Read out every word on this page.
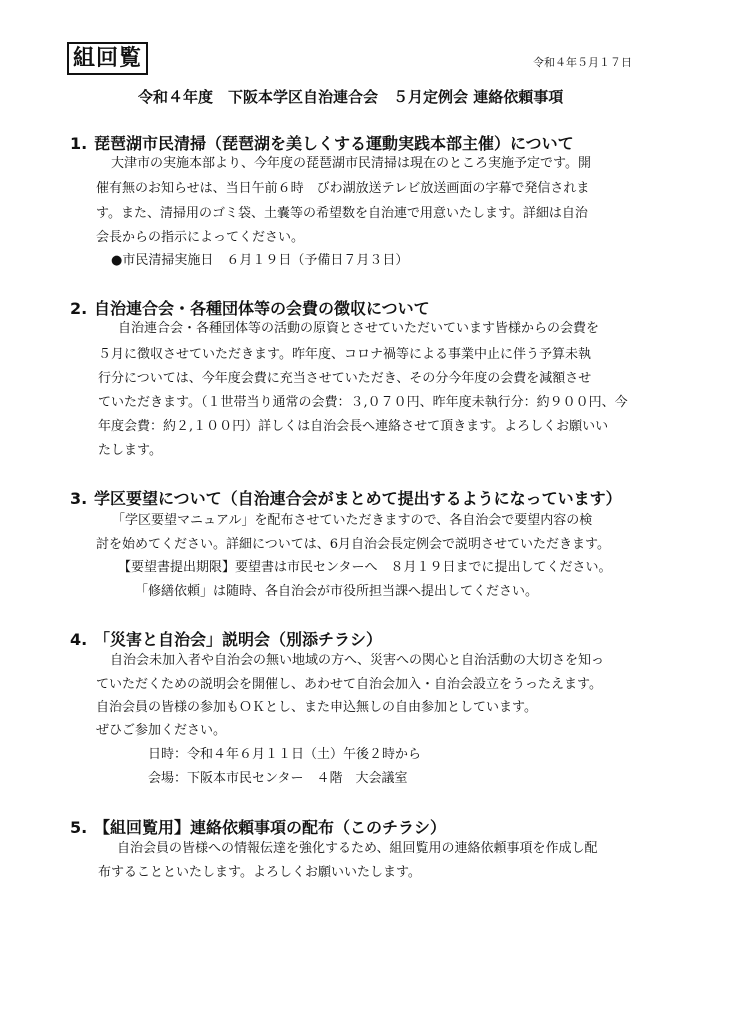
組回覧	令和４年５月１７日
令和４年度　下阪本学区自治連合会　５月定例会 連絡依頼事項
1. 琵琶湖市民清掃（琵琶湖を美しくする運動実践本部主催）について
大津市の実施本部より、今年度の琵琶湖市民清掃は現在のところ実施予定です。開
催有無のお知らせは、当日午前６時　びわ湖放送テレビ放送画面の字幕で発信されま
す。また、清掃用のゴミ袋、土嚢等の希望数を自治連で用意いたします。詳細は自治
会長からの指示によってください。
●市民清掃実施日　６月１９日（予備日７月３日）
2. 自治連合会・各種団体等の会費の徴収について
自治連合会・各種団体等の活動の原資とさせていただいています皆様からの会費を
５月に徴収させていただきます。昨年度、コロナ禍等による事業中止に伴う予算未執
行分については、今年度会費に充当させていただき、その分今年度の会費を減額させ
ていただきます。（１世帯当り通常の会費：３,０７０円、昨年度未執行分：約９００円、今
年度会費：約２,１００円）詳しくは自治会長へ連絡させて頂きます。よろしくお願いい
たします。
3. 学区要望について（自治連合会がまとめて提出するようになっています）
「学区要望マニュアル」を配布させていただきますので、各自治会で要望内容の検
討を始めてください。詳細については、6月自治会長定例会で説明させていただきます。
【要望書提出期限】要望書は市民センターへ　８月１９日までに提出してください。
「修繕依頼」は随時、各自治会が市役所担当課へ提出してください。
4. 「災害と自治会」説明会（別添チラシ）
自治会未加入者や自治会の無い地域の方へ、災害への関心と自治活動の大切さを知っ
ていただくための説明会を開催し、あわせて自治会加入・自治会設立をうったえます。
自治会員の皆様の参加もＯＫとし、また申込無しの自由参加としています。
ぜひご参加ください。
日時：令和４年６月１１日（土）午後２時から
会場：下阪本市民センター　４階　大会議室
5. 【組回覧用】連絡依頼事項の配布（このチラシ）
自治会員の皆様への情報伝達を強化するため、組回覧用の連絡依頼事項を作成し配
布することといたします。よろしくお願いいたします。
